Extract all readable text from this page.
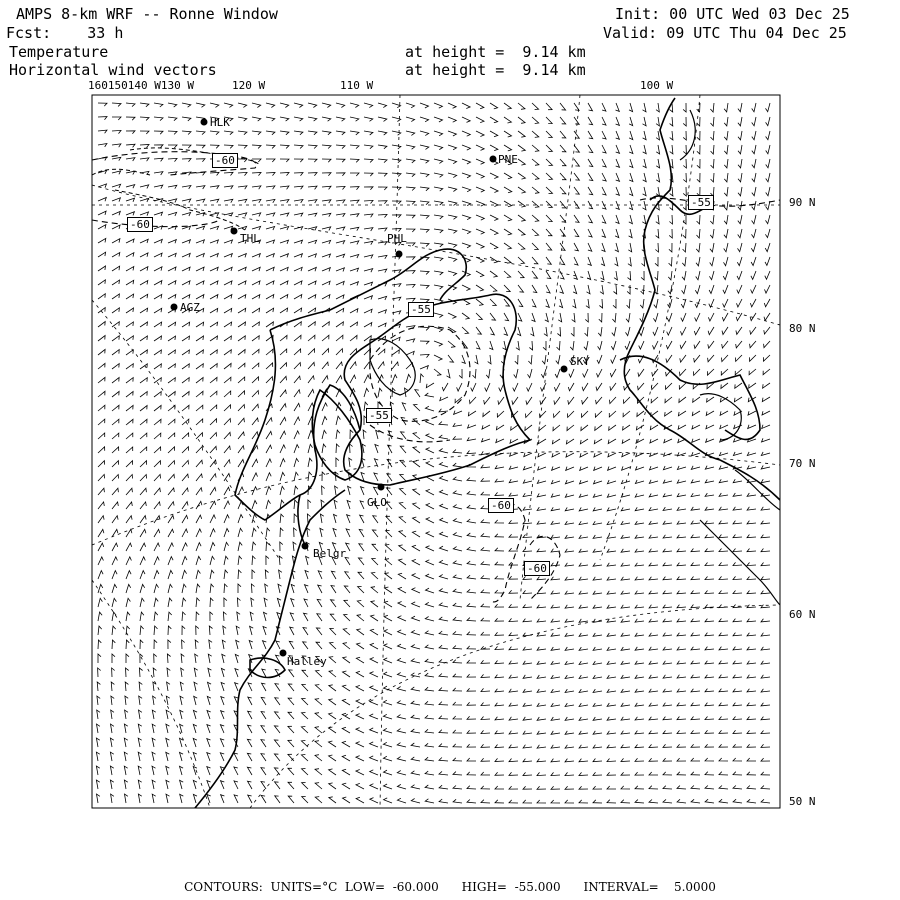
AMPS 8-km WRF -- Ronne Window
Fcst:    33 h
Init: 00 UTC Wed 03 Dec 25
Valid: 09 UTC Thu 04 Dec 25
Temperature
Horizontal wind vectors
at height =  9.14 km
at height =  9.14 km
160150140 W130 W	120 W	110 W	100 W
90 N
80 N
70 N
60 N
50 N
HLK
PNE
THL	PHL
AGZ
SKY
GLO
Belgr
Halley
-60
-60
-55
-55
-55
-60
-60
CONTOURS:  UNITS=°C  LOW=  -60.000      HIGH=  -55.000      INTERVAL=    5.0000
